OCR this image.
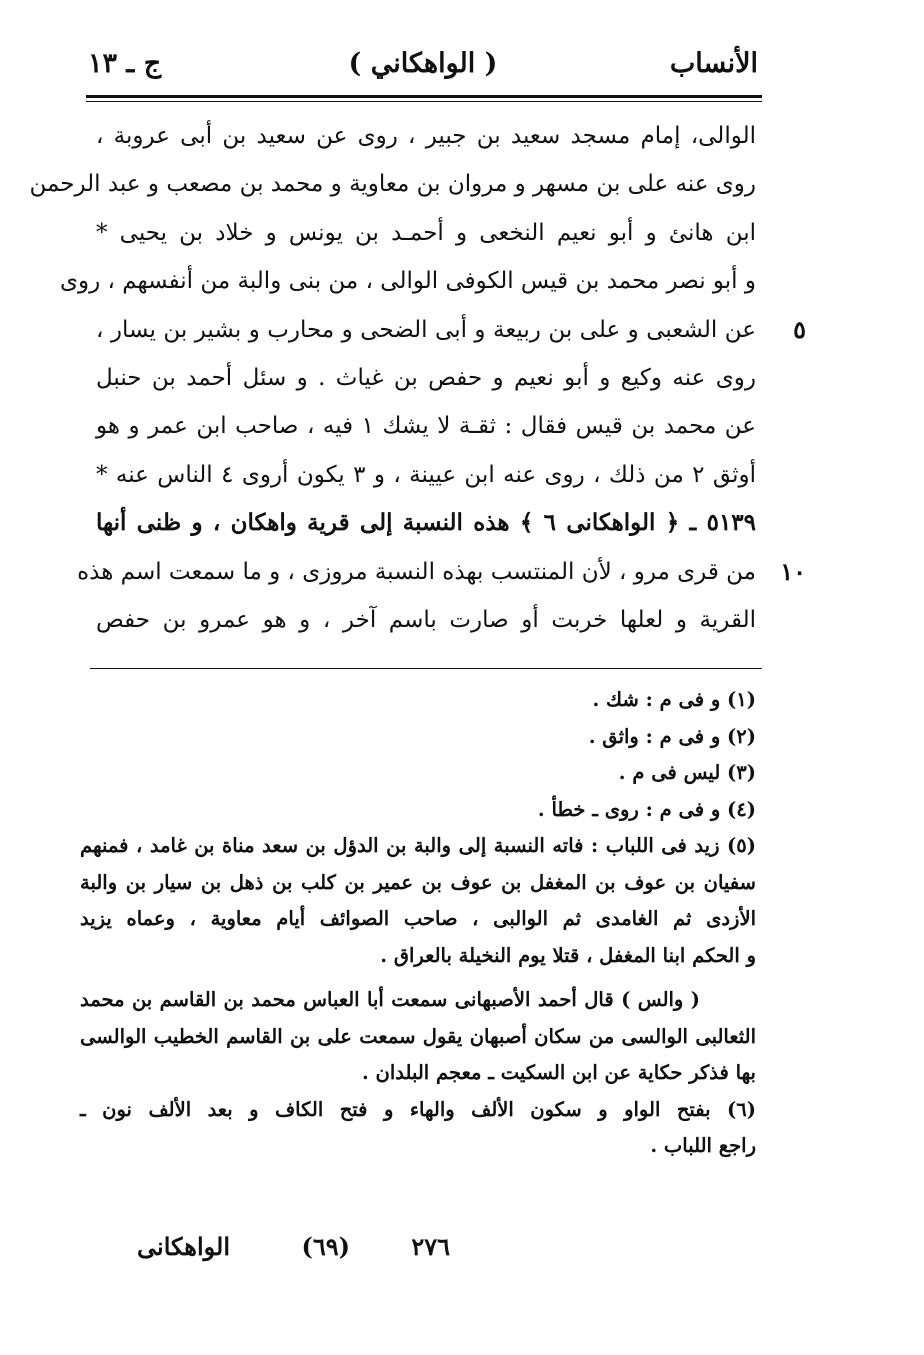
الأنساب
( الواهكاني )
ج ـ ١٣
الوالى، إمام مسجد سعيد بن جبير ، روى عن سعيد بن أبى عروبة ،
روى عنه على بن مسهر و مروان بن معاوية و محمد بن مصعب و عبد الرحمن
ابن هانئ و أبو نعيم النخعى و أحمـد بن يونس و خلاد بن يحيى *
و أبو نصر محمد بن قيس الكوفى الوالى ، من بنى والبة من أنفسهم ، روى
عن الشعبى و على بن ربيعة و أبى الضحى و محارب و بشير بن يسار ، ٥
روى عنه وكيع و أبو نعيم و حفص بن غياث . و سئل أحمد بن حنبل
عن محمد بن قيس فقال : ثقـة لا يشك ١ فيه ، صاحب ابن عمر و هو
أوثق ٢ من ذلك ، روى عنه ابن عيينة ، و ٣ يكون أروى ٤ الناس عنه *
٥١٣٩ ـ ﴿ الواهكانى ٦ ﴾ هذه النسبة إلى قرية واهكان ، و ظنى أنها
من قرى مرو ، لأن المنتسب بهذه النسبة مروزى ، و ما سمعت اسم هذه ١٠
القرية و لعلها خربت أو صارت باسم آخر ، و هو عمرو بن حفص
(١) و فى م : شك .
(٢) و فى م : واثق .
(٣) ليس فى م .
(٤) و فى م : روى ـ خطأ .
(٥) زيد فى اللباب : فاته النسبة إلى والبة بن الدؤل بن سعد مناة بن غامد ، فمنهم
سفيان بن عوف بن المغفل بن عوف بن عمير بن كلب بن ذهل بن سيار بن والبة
الأزدى ثم الغامدى ثم الوالبى ، صاحب الصوائف أيام معاوية ، وعماه يزيد
و الحكم ابنا المغفل ، قتلا يوم النخيلة بالعراق .
( والس ) قال أحمد الأصبهانى سمعت أبا العباس محمد بن القاسم بن محمد
الثعالبى الوالسى من سكان أصبهان يقول سمعت على بن القاسم الخطيب الوالسى
بها فذكر حكاية عن ابن السكيت ـ معجم البلدان .
(٦) بفتح الواو و سكون الألف والهاء و فتح الكاف و بعد الألف نون ـ
راجع اللباب .
٢٧٦
(٦٩)
الواهكانى
